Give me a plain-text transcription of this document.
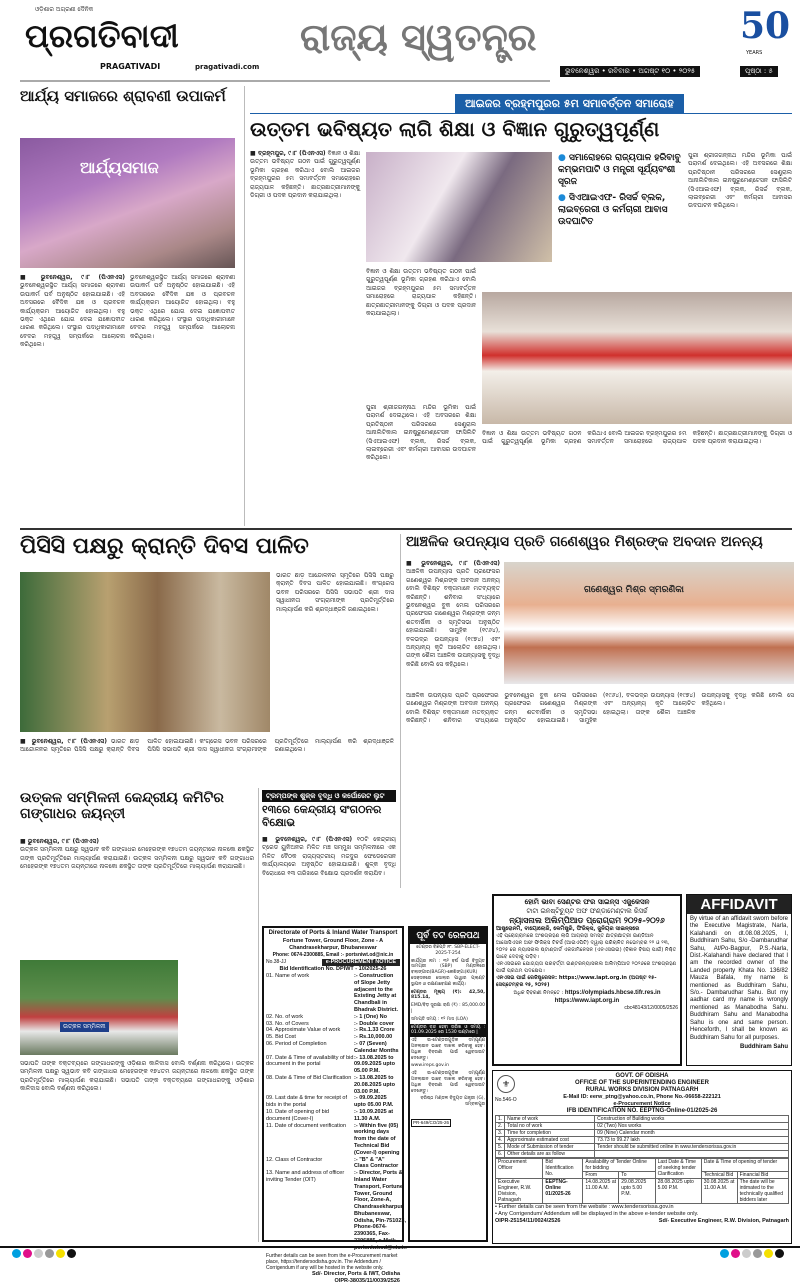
ଓଡ଼ିଶାର ଅଗ୍ରଣୀ ଦୈନିକ
ପ୍ରଗତିବାଦୀ
PRAGATIVADI	pragativadi.com
ରାଜ୍ୟ ସ୍ୱତନ୍ତ୍ର	50
YEARS
ଭୁବନେଶ୍ୱର • ରବିବାର • ଅଗଷ୍ଟ ୧୦ • ୨୦୨୫	ପୃଷ୍ଠା : ୫
ଆର୍ଯ୍ୟ ସମାଜରେ ଶ୍ରାବଣୀ ଉପାକର୍ମ
ଆର୍ଯ୍ୟସମାଜ
■ ଭୁବନେଶ୍ୱର, ୯।୮ (ପିଏନଏସ) ଭୁବନେଶ୍ୱରସ୍ଥିତ ଆର୍ଯ୍ୟ ସମାଜରେ ଶ୍ରାବଣୀ ଉପାକର୍ମ ପର୍ବ ଅନୁଷ୍ଠିତ ହୋଇଯାଇଛି। ଏହି ଅବସରରେ ବୈଦିକ ଯଜ୍ଞ ଓ ପ୍ରବଚନ କାର୍ଯ୍ୟକ୍ରମ ଆୟୋଜିତ ହୋଇଥିଲା। ବହୁ ଭକ୍ତ ଏଥିରେ ଯୋଗ ଦେଇ ଯଜ୍ଞୋପବୀତ ଧାରଣ କରିଥିଲେ। ସଂସ୍ଥାର ପଦାଧିକାରୀମାନେ ବେଦର ମହତ୍ତ୍ୱ ସମ୍ପର୍କରେ ଆଲୋଚନା କରିଥିଲେ।
ଭୁବନେଶ୍ୱରସ୍ଥିତ ଆର୍ଯ୍ୟ ସମାଜରେ ଶ୍ରାବଣୀ ଉପାକର୍ମ ପର୍ବ ଅନୁଷ୍ଠିତ ହୋଇଯାଇଛି। ଏହି ଅବସରରେ ବୈଦିକ ଯଜ୍ଞ ଓ ପ୍ରବଚନ କାର୍ଯ୍ୟକ୍ରମ ଆୟୋଜିତ ହୋଇଥିଲା। ବହୁ ଭକ୍ତ ଏଥିରେ ଯୋଗ ଦେଇ ଯଜ୍ଞୋପବୀତ ଧାରଣ କରିଥିଲେ। ସଂସ୍ଥାର ପଦାଧିକାରୀମାନେ ବେଦର ମହତ୍ତ୍ୱ ସମ୍ପର୍କରେ ଆଲୋଚନା କରିଥିଲେ।
ଆଇଜର ବ୍ରହ୍ମପୁରର ୫ମ ସମାବର୍ତ୍ତନ ସମାରୋହ
ଉତ୍ତମ ଭବିଷ୍ୟତ ଲାଗି ଶିକ୍ଷା ଓ ବିଜ୍ଞାନ ଗୁରୁତ୍ୱପୂର୍ଣ୍ଣ
■ ବ୍ରହ୍ମପୁର, ୯।୮ (ପିଏନଏସ) ବିଜ୍ଞାନ ଓ ଶିକ୍ଷା ଉତ୍ତମ ଭବିଷ୍ୟତ ଗଠନ ପାଇଁ ଗୁରୁତ୍ୱପୂର୍ଣ୍ଣ ଭୂମିକା ଗ୍ରହଣ କରିଥାଏ ବୋଲି ଆଇଜର ବ୍ରହ୍ମପୁରର ୫ମ ସମାବର୍ତ୍ତନ ସମାରୋହରେ ରାଜ୍ୟପାଳ କହିଛନ୍ତି। ଛାତ୍ରଛାତ୍ରୀମାନଙ୍କୁ ଡିଗ୍ରୀ ଓ ପଦକ ପ୍ରଦାନ କରାଯାଇଥିଲା।
ବିଜ୍ଞାନ ଓ ଶିକ୍ଷା ଉତ୍ତମ ଭବିଷ୍ୟତ ଗଠନ ପାଇଁ ଗୁରୁତ୍ୱପୂର୍ଣ୍ଣ ଭୂମିକା ଗ୍ରହଣ କରିଥାଏ ବୋଲି ଆଇଜର ବ୍ରହ୍ମପୁରର ୫ମ ସମାବର୍ତ୍ତନ ସମାରୋହରେ ରାଜ୍ୟପାଳ କହିଛନ୍ତି। ଛାତ୍ରଛାତ୍ରୀମାନଙ୍କୁ ଡିଗ୍ରୀ ଓ ପଦକ ପ୍ରଦାନ କରାଯାଇଥିଲା।
● ସମାରୋହରେ ରାଜ୍ୟପାଳ ହରିବାବୁ କମ୍ଭମପାଟି ଓ ମନ୍ତ୍ରୀ ସୂର୍ଯ୍ୟବଂଶୀ ସୂରଜ
● ସିଏଆଇଏଫ- ରିସର୍ଚ୍ଚ ବ୍ଲକ, ଲାଇବ୍ରେରୀ ଓ କର୍ମଚାରୀ ଆବାସ ଉଦଘାଟିତ
ପୁରୀ ଶ୍ରୀଜଗନ୍ନାଥ ମନ୍ଦିର ଭୂମିକା ପାଇଁ ପରାମର୍ଶ ଦେଇଥିଲେ। ଏହି ଅବସରରେ ଶିକ୍ଷା ପ୍ରତିଷ୍ଠାନ ପରିସରରେ ସେଣ୍ଟ୍ରାଲ ଆନାଲିଟିକାଲ ଇନଷ୍ଟ୍ରୁମେଣ୍ଟେସନ ଫାସିଲିଟି (ସିଏଆଇଏଫ) ବ୍ଲକ, ରିସର୍ଚ୍ଚ ବ୍ଲକ, ଲାଇବ୍ରେରୀ ଏବଂ କର୍ମଚାରୀ ଆବାସର ଉଦଘାଟନ କରିଥିଲେ।
ପୁରୀ ଶ୍ରୀଜଗନ୍ନାଥ ମନ୍ଦିର ଭୂମିକା ପାଇଁ ପରାମର୍ଶ ଦେଇଥିଲେ। ଏହି ଅବସରରେ ଶିକ୍ଷା ପ୍ରତିଷ୍ଠାନ ପରିସରରେ ସେଣ୍ଟ୍ରାଲ ଆନାଲିଟିକାଲ ଇନଷ୍ଟ୍ରୁମେଣ୍ଟେସନ ଫାସିଲିଟି (ସିଏଆଇଏଫ) ବ୍ଲକ, ରିସର୍ଚ୍ଚ ବ୍ଲକ, ଲାଇବ୍ରେରୀ ଏବଂ କର୍ମଚାରୀ ଆବାସର ଉଦଘାଟନ କରିଥିଲେ।
ବିଜ୍ଞାନ ଓ ଶିକ୍ଷା ଉତ୍ତମ ଭବିଷ୍ୟତ ଗଠନ ପାଇଁ ଗୁରୁତ୍ୱପୂର୍ଣ୍ଣ ଭୂମିକା ଗ୍ରହଣ କରିଥାଏ ବୋଲି ଆଇଜର ବ୍ରହ୍ମପୁରର ୫ମ ସମାବର୍ତ୍ତନ ସମାରୋହରେ ରାଜ୍ୟପାଳ କହିଛନ୍ତି। ଛାତ୍ରଛାତ୍ରୀମାନଙ୍କୁ ଡିଗ୍ରୀ ଓ ପଦକ ପ୍ରଦାନ କରାଯାଇଥିଲା।
ପିସିସି ପକ୍ଷରୁ କ୍ରାନ୍ତି ଦିବସ ପାଳିତ
ଭାରତ ଛାଡ଼ ଆନ୍ଦୋଳନର ସ୍ମୃତିରେ ପିସିସି ପକ୍ଷରୁ କ୍ରାନ୍ତି ଦିବସ ପାଳିତ ହୋଇଯାଇଛି। କଂଗ୍ରେସ ଭବନ ପରିସରରେ ପିସିସି ସଭାପତି ଶ୍ରୀ ଦାସ ସ୍ୱାଧୀନତା ସଂଗ୍ରାମୀଙ୍କ ପ୍ରତିମୂର୍ତ୍ତିରେ ମାଲ୍ୟାର୍ପଣ କରି ଶ୍ରଦ୍ଧାଞ୍ଜଳି ଜଣାଇଥିଲେ।
■ ଭୁବନେଶ୍ୱର, ୯।୮ (ପିଏନଏସ) ଭାରତ ଛାଡ଼ ଆନ୍ଦୋଳନର ସ୍ମୃତିରେ ପିସିସି ପକ୍ଷରୁ କ୍ରାନ୍ତି ଦିବସ ପାଳିତ ହୋଇଯାଇଛି। କଂଗ୍ରେସ ଭବନ ପରିସରରେ ପିସିସି ସଭାପତି ଶ୍ରୀ ଦାସ ସ୍ୱାଧୀନତା ସଂଗ୍ରାମୀଙ୍କ ପ୍ରତିମୂର୍ତ୍ତିରେ ମାଲ୍ୟାର୍ପଣ କରି ଶ୍ରଦ୍ଧାଞ୍ଜଳି ଜଣାଇଥିଲେ।
ଆଞ୍ଚଳିକ ଉପନ୍ୟାସ ପ୍ରତି ଗଣେଶ୍ୱର ମିଶ୍ରଙ୍କ ଅବଦାନ ଅନନ୍ୟ
■ ଭୁବନେଶ୍ୱର, ୯।୮ (ପିଏନଏସ) ଆଞ୍ଚଳିକ ଉପନ୍ୟାସ ପ୍ରତି ପ୍ରଫେସର ଗଣେଶ୍ୱର ମିଶ୍ରଙ୍କ ଅବଦାନ ଅନନ୍ୟ ବୋଲି ବିଶିଷ୍ଟ ବକ୍ତାମାନେ ମତବ୍ୟକ୍ତ କରିଛନ୍ତି। ଶନିବାର ସଂଧ୍ୟାରେ ଭୁବନେଶ୍ୱର ବୁକ ମେଳା ପରିସରରେ ପ୍ରଫେସର ଗଣେଶ୍ୱର ମିଶ୍ରଙ୍କ ଜନ୍ମ ଶତବାର୍ଷିକୀ ଓ ସ୍ମୃତିସଭା ଅନୁଷ୍ଠିତ ହୋଇଯାଇଛି। ସାମୁହିକ (୧୯୬୪), ବଳଭଦ୍ର ଉପନ୍ୟାସ (୧୯୭୪) ଏବଂ ଅନ୍ୟାନ୍ୟ କୃତି ଆଲୋଚିତ ହୋଇଥିଲା। ତାଙ୍କ ଶୈଳୀ ଆଞ୍ଚଳିକ ଉପନ୍ୟାସକୁ ବୃଦ୍ଧି କରିଛି ବୋଲି ସେ କହିଥିଲେ।
ଗଣେଶ୍ୱର ମିଶ୍ର ସ୍ମରଣିକା
ଆଞ୍ଚଳିକ ଉପନ୍ୟାସ ପ୍ରତି ପ୍ରଫେସର ଗଣେଶ୍ୱର ମିଶ୍ରଙ୍କ ଅବଦାନ ଅନନ୍ୟ ବୋଲି ବିଶିଷ୍ଟ ବକ୍ତାମାନେ ମତବ୍ୟକ୍ତ କରିଛନ୍ତି। ଶନିବାର ସଂଧ୍ୟାରେ ଭୁବନେଶ୍ୱର ବୁକ ମେଳା ପରିସରରେ ପ୍ରଫେସର ଗଣେଶ୍ୱର ମିଶ୍ରଙ୍କ ଜନ୍ମ ଶତବାର୍ଷିକୀ ଓ ସ୍ମୃତିସଭା ଅନୁଷ୍ଠିତ ହୋଇଯାଇଛି। ସାମୁହିକ (୧୯୬୪), ବଳଭଦ୍ର ଉପନ୍ୟାସ (୧୯୭୪) ଏବଂ ଅନ୍ୟାନ୍ୟ କୃତି ଆଲୋଚିତ ହୋଇଥିଲା। ତାଙ୍କ ଶୈଳୀ ଆଞ୍ଚଳିକ ଉପନ୍ୟାସକୁ ବୃଦ୍ଧି କରିଛି ବୋଲି ସେ କହିଥିଲେ।
ଉତ୍କଳ ସମ୍ମିଳନୀ କେନ୍ଦ୍ରୀୟ କମିଟିର ଗଙ୍ଗାଧର ଜୟନ୍ତୀ
■ ଭୁବନେଶ୍ୱର, ୯।୮ (ପିଏନଏସ)
ଉତ୍କଳ ସମ୍ମିଳନୀ ପକ୍ଷରୁ ସ୍ୱଭାବ କବି ଗଙ୍ଗାଧର ମେହେରଙ୍କ ୧୭୪ତମ ଜୟନ୍ତୀରେ ନାଳକୋ ଛକସ୍ଥିତ ତାଙ୍କ ପ୍ରତିମୂର୍ତ୍ତିରେ ମାଲ୍ୟାର୍ପଣ କରାଯାଇଛି। ଉତ୍କଳ ସମ୍ମିଳନୀ ପକ୍ଷରୁ ସ୍ୱଭାବ କବି ଗଙ୍ଗାଧର ମେହେରଙ୍କ ୧୭୪ତମ ଜୟନ୍ତୀରେ ନାଳକୋ ଛକସ୍ଥିତ ତାଙ୍କ ପ୍ରତିମୂର୍ତ୍ତିରେ ମାଲ୍ୟାର୍ପଣ କରାଯାଇଛି।
ଉତ୍କଳ ସମ୍ମିଳନୀ
ସଭାପତି ତାଙ୍କ ବକ୍ତବ୍ୟରେ ଗଙ୍ଗାଧରଙ୍କୁ ଓଡ଼ିଶାର କାଳିଦାସ ବୋଲି ବର୍ଣ୍ଣନା କରିଥିଲେ। ଉତ୍କଳ ସମ୍ମିଳନୀ ପକ୍ଷରୁ ସ୍ୱଭାବ କବି ଗଙ୍ଗାଧର ମେହେରଙ୍କ ୧୭୪ତମ ଜୟନ୍ତୀରେ ନାଳକୋ ଛକସ୍ଥିତ ତାଙ୍କ ପ୍ରତିମୂର୍ତ୍ତିରେ ମାଲ୍ୟାର୍ପଣ କରାଯାଇଛି। ସଭାପତି ତାଙ୍କ ବକ୍ତବ୍ୟରେ ଗଙ୍ଗାଧରଙ୍କୁ ଓଡ଼ିଶାର କାଳିଦାସ ବୋଲି ବର୍ଣ୍ଣନା କରିଥିଲେ।
ଟ୍ରମ୍ପଙ୍କ ଶୁଳ୍କ ବୃଦ୍ଧି ଓ କର୍ପୋରେଟ ଲୁଟ
୧୩ରେ କେନ୍ଦ୍ରୀୟ ସଂଗଠନର ବିକ୍ଷୋଭ
■ ଭୁବନେଶ୍ୱର, ୯।୮ (ପିଏନଏସ) ୧୦ଟି କେନ୍ଦ୍ରୀୟ ଟ୍ରେଡ ୟୁନିଅନର ମିଳିତ ମଞ୍ଚ ସମ୍ମୁଖ ସମ୍ମିଳନୀରେ ଏକ ମିଳିତ ବୈଠକ ରାଜ୍ୟସ୍ତରୀୟ ମଜଦୁର ଫେଡେରେସନ କାର୍ଯ୍ୟାଳୟରେ ଅନୁଷ୍ଠିତ ହୋଇଯାଇଛି। ଶୁଳ୍କ ବୃଦ୍ଧି ବିରୋଧରେ ୧୩ ତାରିଖରେ ବିକ୍ଷୋଭ ପ୍ରଦର୍ଶନ କରାଯିବ।
Directorate of Ports & Inland Water Transport
Fortune Tower, Ground Floor, Zone - A
Chandrasekharpur, Bhubaneswar
Phone: 0674-2300885, Email :- portsniwt.od@nic.in
No.38-JJ	e-PROCUREMENT NOTICE
Bid Identification No. DPIWT - 10/2025-26
01. Name of work	:- Construction of Slope Jetty adjacent to the Existing Jetty at Chandbali in Bhadrak District.
02. No. of work	:- 1 (One) No
03. No. of Covers	:- Double cover
04. Approximate Value of work	:- Rs.1.33 Crore
05. Bid Cost	:- Rs.10,000.00
06. Period of Completion	:- 07 (Seven) Calendar Months
07. Date & Time of availability of bid document in the portal
:- 13.08.2025 to 09.09.2025 upto 05.00 P.M.
08. Date & Time of Bid Clarification :- 13.08.2025 to 20.08.2025 upto 03.00 P.M.
09. Last date & time for receipt of bids in the portal
:- 09.09.2025 upto 05.00 P.M.
10. Date of opening of bid document (Cover-I)
:- 10.09.2025 at 11.30 A.M.
11. Date of document verification	:- Within five (05) working days from the date of Technical Bid (Cover-I) opening
12. Class of Contractor	:- "B" & "A" Class Contractor
13. Name and address of officer inviting Tender (OIT)
:- Director, Ports & Inland Water Transport, Fortune Tower, Ground Floor, Zone-A, Chandrasekharpur, Bhubaneswar, Odisha, Pin-751023, Phone-0674-2390365, Fax-2396885, e-Mail: -
Further details can be seen from the e-Procurement market place, https://tendersodisha.gov.in. The Addendum / Corrigendum if any will be hosted in the website only.
Sd/- Director, Ports & IWT, Odisha
OIPR-38035/11/0039/2526
ପୂର୍ବ ତଟ ରେଳପଥ
ଟେଣ୍ଡର ବିଜ୍ଞପ୍ତି ନଂ. SBP-ELECT-2025-T-254
କାର୍ଯ୍ୟର ନାମ : ୩୨ ବର୍ଷ ପାଇଁ ବିଦ୍ୟୁତ ସାମଗ୍ରୀ (SBP) ମଣ୍ଡଳରେ ବଲାଙ୍ଗୀର(BAGR)-କେଶିଙ୍ଗା(KUR) ସେକ୍ସନରେ ସୋଲାର ପାୱାର ପ୍ଲାଣ୍ଟ ସ୍ଥାପନ ଓ ରକ୍ଷଣାବେକ୍ଷଣ କାର୍ଯ୍ୟ।
ଟେଣ୍ଡର ମୂଲ୍ୟ (₹): 42,50, 815.14,
EMD/ବିଡ଼ ସୁରକ୍ଷା ରାଶି (₹) : 85,000.00 |
ସମାପ୍ତି ସମୟ : ୧୨ ମାସ (LOA)
ଟେଣ୍ଡର ବନ୍ଦ ହେବା ତାରିଖ ଓ ସମୟ : 01.09.2025 ରେ 1530 ଘଣ୍ଟାରେ |
ଏହି ଇ-ଟେଣ୍ଡରଗୁଡ଼ିକ ସମ୍ପୂର୍ଣ୍ଣ ଅନଲାଇନ ଭାବେ ଦାଖଲ କରିବାକୁ ହେବ। ଅଧିକ ବିବରଣୀ ପାଇଁ ୱେବସାଇଟ ଦେଖନ୍ତୁ।
www.ireps.gov.in
ଏହି ଇ-ଟେଣ୍ଡରଗୁଡ଼ିକ ସମ୍ପୂର୍ଣ୍ଣ ଅନଲାଇନ ଭାବେ ଦାଖଲ କରିବାକୁ ହେବ। ଅଧିକ ବିବରଣୀ ପାଇଁ ୱେବସାଇଟ ଦେଖନ୍ତୁ।
ବରିଷ୍ଠ ମଣ୍ଡଳ ବିଦ୍ୟୁତ ଯନ୍ତ୍ରୀ (G), ସମ୍ବଲପୁର
PR-649/CO/25-26
ହୋମି ଭାବା ସେଣ୍ଟର ଫର ସାଇନ୍ସ ଏଜୁକେସନ
ଟାଟା ଇନଷ୍ଟିଚ୍ୟୁଟ ଅଫ ଫଣ୍ଡାମେଣ୍ଟାଲ ରିସର୍ଚ୍ଚ
ନ୍ୟାସନାଲ ଅଲିମ୍ପିଆଡ ପ୍ରୋଗ୍ରାମ ୨୦୨୫-୨୦୨୬
ଆଷ୍ଟ୍ରୋନମି, ବାୟୋଲୋଜି, କେମିଷ୍ଟ୍ରି, ଫିଜିକ୍ସ, ଜୁନିୟର ସାଇନ୍ସରେ
ଏହି ପ୍ରୋଗ୍ରାମରେ ଅଂଶଗ୍ରହଣ ଲାଗି ଆଗ୍ରହୀ ସମସ୍ତ ଛାତ୍ରଛାତ୍ରୀ ଇଣ୍ଡିଆନ ଆସୋସିଏସନ ଅଫ ଫିଜିକ୍ସ ଟିଚର୍ସ (ଆଇଏପିଟି) ଦ୍ୱାରା ପରିଚାଳିତ ନଭେମ୍ବର ୨୨ ଓ ୨୩, ୨୦୨୫ ରେ ନ୍ୟାସନାଲ ଷ୍ଟାଣ୍ଡାର୍ଡ ଏକଜାମିନେସନ (ଏନଏସଇଇ) (ବିଜ୍ଞାନ ବିଷୟ ପାଇଁ) ନିଶ୍ଚିତ ଭାବେ ଦେବାକୁ ପଡ଼ିବ।
ଏନଏସଇରେ ଯୋଗ୍ୟତା ପରବର୍ତ୍ତୀ ଇଣ୍ଟରନ୍ୟାସନାଲ ଅଲିମ୍ପିଆଡ ୨୦୨୬ରେ ଅଂଶଗ୍ରହଣ ପାଇଁ ପ୍ରଥମ ପଦକ୍ଷେପ।
ଏନଏସଇ ପାଇଁ ରେଜିଷ୍ଟ୍ରେସନ: https://www.iapt.org.in (ଅଗଷ୍ଟ ୧୫-ସେପ୍ଟେମ୍ବର ୧୫, ୨୦୨୫)
ଅଧିକ ବିବରଣୀ ନିମନ୍ତେ : https://olympiads.hbcse.tifr.res.in
https://www.iapt.org.in
cbc48143/12/0005/2526
AFFIDAVIT
By virtue of an affidavit sworn before the Executive Magistrate, Narla, Kalahandi on dt.08.08.2025, I, Buddhiram Sahu, S/o -Dambarudhar Sahu, At/Po-Bagpur, P.S.-Narla, Dist.-Kalahandi have declared that I am the recorded owner of the Landed property Khata No. 136/82 Mauza Bafala, my name is mentioned as Buddhiram Sahu, S/o.- Dambarudhar Sahu. But my aadhar card my name is wrongly mentioned as Manabodha Sahu. Buddhiram Sahu and Manabodha Sahu is one and same person. Henceforth, I shall be known as Buddhiram Sahu for all purposes.
Buddhiram Sahu
⚜
No.546-O
GOVT. OF ODISHA
OFFICE OF THE SUPERINTENDING ENGINEER
RURAL WORKS DIVISION PATNAGARH
E-Mail ID: eerw_ptng@yahoo.co.in, Phone No.-06658-222121
e-Procurement Notice
IFB IDENTIFICATION NO. EEPTNG-Online-01/2025-26
1.	Name of work	Construction of Building works
2.	Total no of work	02 (Two) Nos works
3.	Time for completion	09 (Nine) Calendar month
4.	Approximate estimated cost	73.73 to 99.27 lakh
5.	Mode of Submission of tender	Tender should be submitted online in www.tendersorissa.gov.in
6.	Other details are as follow	
Procurement Officer	Bid Identification No.	Availability of Tender Online for bidding		Last Date & Time of seeking tender Clarification	Date & Time of opening of tender	
		From	To		Technical Bid	Financial Bid
Executive Engineer, R.W. Division, Patnagarh	EEPTNG-Online 01/2025-26	14.08.2025 at 11.00 A.M.	29.08.2025 upto 5.00 P.M.	28.08.2025 upto 5.00 P.M.	30.08.2025 at 11.00 A.M.	The date will be intimated to the technically qualified bidders later
• Further details can be seen from the website : www.tendersorissa.gov.in
• Any Corrigendum/ Addendum will be displayed in the above e-tender website only.
OIPR-25154/11/0024/2526	Sd/- Executive Engineer, R.W. Division, Patnagarh
